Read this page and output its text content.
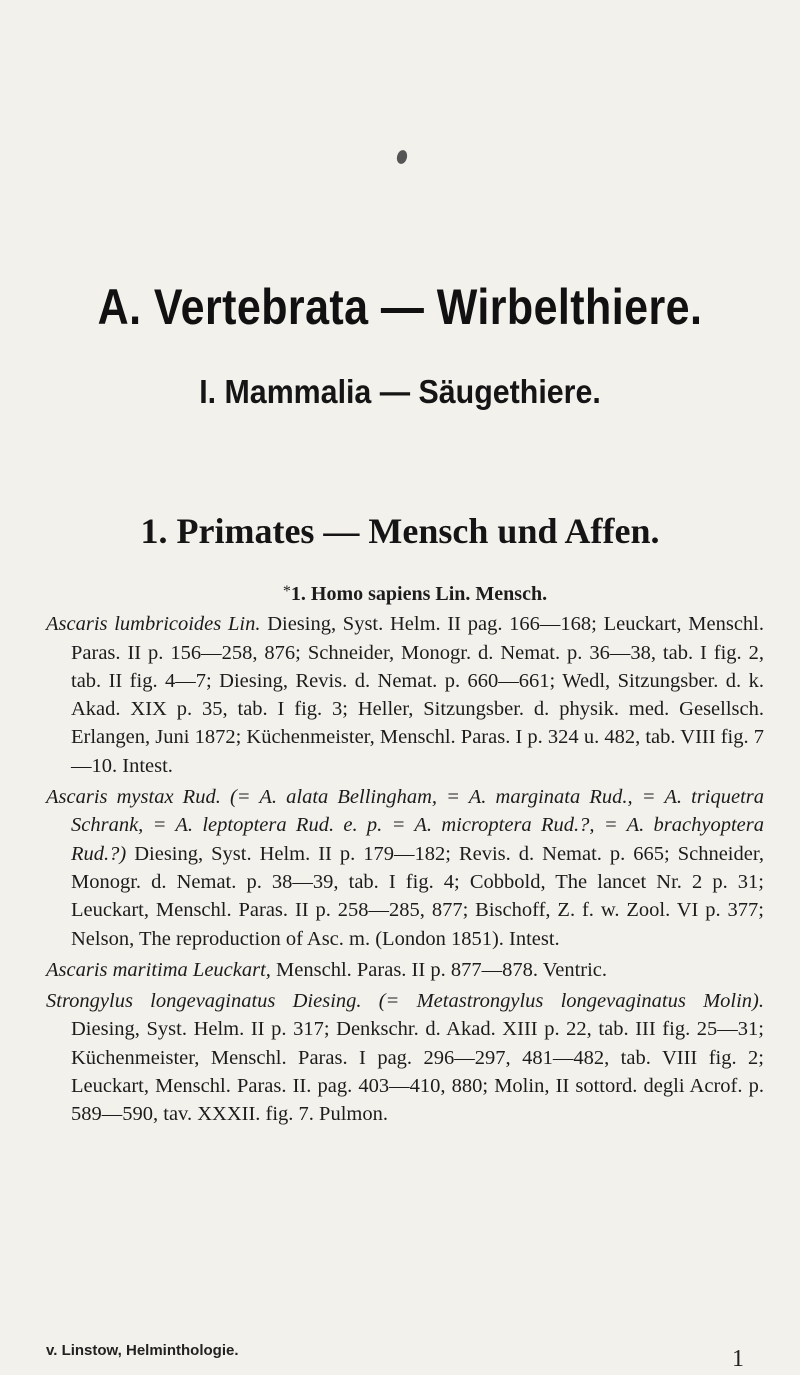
A. Vertebrata — Wirbelthiere.
I. Mammalia — Säugethiere.
1. Primates — Mensch und Affen.
*1. Homo sapiens Lin. Mensch.
Ascaris lumbricoides Lin. Diesing, Syst. Helm. II pag. 166—168; Leuckart, Menschl. Paras. II p. 156—258, 876; Schneider, Monogr. d. Nemat. p. 36—38, tab. I fig. 2, tab. II fig. 4—7; Diesing, Revis. d. Nemat. p. 660—661; Wedl, Sitzungsber. d. k. Akad. XIX p. 35, tab. I fig. 3; Heller, Sitzungsber. d. physik. med. Gesellsch. Erlangen, Juni 1872; Küchenmeister, Menschl. Paras. I p. 324 u. 482, tab. VIII fig. 7—10. Intest.
Ascaris mystax Rud. (= A. alata Bellingham, = A. marginata Rud., = A. triquetra Schrank, = A. leptoptera Rud. e. p. = A. microptera Rud.?, = A. brachyoptera Rud.?) Diesing, Syst. Helm. II p. 179—182; Revis. d. Nemat. p. 665; Schneider, Monogr. d. Nemat. p. 38—39, tab. I fig. 4; Cobbold, The lancet Nr. 2 p. 31; Leuckart, Menschl. Paras. II p. 258—285, 877; Bischoff, Z. f. w. Zool. VI p. 377; Nelson, The reproduction of Asc. m. (London 1851). Intest.
Ascaris maritima Leuckart, Menschl. Paras. II p. 877—878. Ventric.
Strongylus longevaginatus Diesing. (= Metastrongylus longevaginatus Molin). Diesing, Syst. Helm. II p. 317; Denkschr. d. Akad. XIII p. 22, tab. III fig. 25—31; Küchenmeister, Menschl. Paras. I pag. 296—297, 481—482, tab. VIII fig. 2; Leuckart, Menschl. Paras. II. pag. 403—410, 880; Molin, II sottord. degli Acrof. p. 589—590, tav. XXXII. fig. 7. Pulmon.
v. Linstow, Helminthologie.	1
